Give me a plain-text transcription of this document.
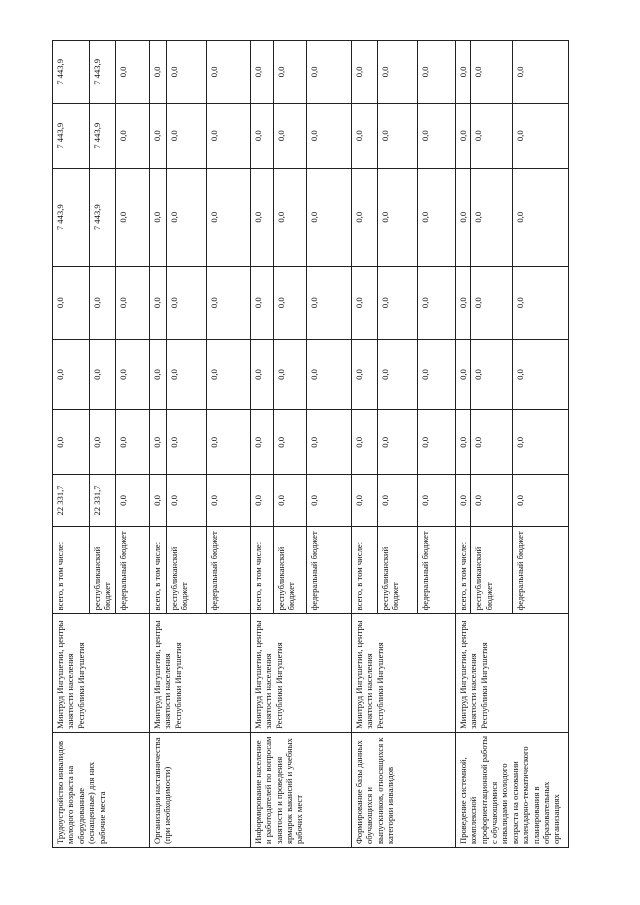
Трудоустройство инвалидов молодого возраста на оборудованные (оснащенные) для них рабочие места	Минтруд Ингушетии, центры занятости населения Республики Ингушетия	всего, в том числе:	22 331,7	0,0	0,0	0,0	7 443,9	7 443,9	7 443,9
		республиканский бюджет	22 331,7	0,0	0,0	0,0	7 443,9	7 443,9	7 443,9
		федеральный бюджет	0,0	0,0	0,0	0,0	0,0	0,0	0,0
Организация наставничества (при необходимости)	Минтруд Ингушетии, центры занятости населения Республики Ингушетия	всего, в том числе:	0,0	0,0	0,0	0,0	0,0	0,0	0,0
		республиканский бюджет	0,0	0,0	0,0	0,0	0,0	0,0	0,0
		федеральный бюджет	0,0	0,0	0,0	0,0	0,0	0,0	0,0
Информирование население и работодателей по вопросам занятости и проведения ярмарок вакансий и учебных рабочих мест	Минтруд Ингушетии, центры занятости населения Республики Ингушетия	всего, в том числе:	0,0	0,0	0,0	0,0	0,0	0,0	0,0
		республиканский бюджет	0,0	0,0	0,0	0,0	0,0	0,0	0,0
		федеральный бюджет	0,0	0,0	0,0	0,0	0,0	0,0	0,0
Формирование базы данных обучающихся и выпускников, относящихся к категории инвалидов	Минтруд Ингушетии, центры занятости населения Республики Ингушетия	всего, в том числе:	0,0	0,0	0,0	0,0	0,0	0,0	0,0
		республиканский бюджет	0,0	0,0	0,0	0,0	0,0	0,0	0,0
		федеральный бюджет	0,0	0,0	0,0	0,0	0,0	0,0	0,0
Проведение системной, комплексной профориентационной работы с обучающимися инвалидами молодого возраста на основании календарно-тематического планирования в образовательных организациях	Минтруд Ингушетии, центры занятости населения Республики Ингушетия	всего, в том числе:	0,0	0,0	0,0	0,0	0,0	0,0	0,0
		республиканский бюджет	0,0	0,0	0,0	0,0	0,0	0,0	0,0
		федеральный бюджет	0,0	0,0	0,0	0,0	0,0	0,0	0,0
